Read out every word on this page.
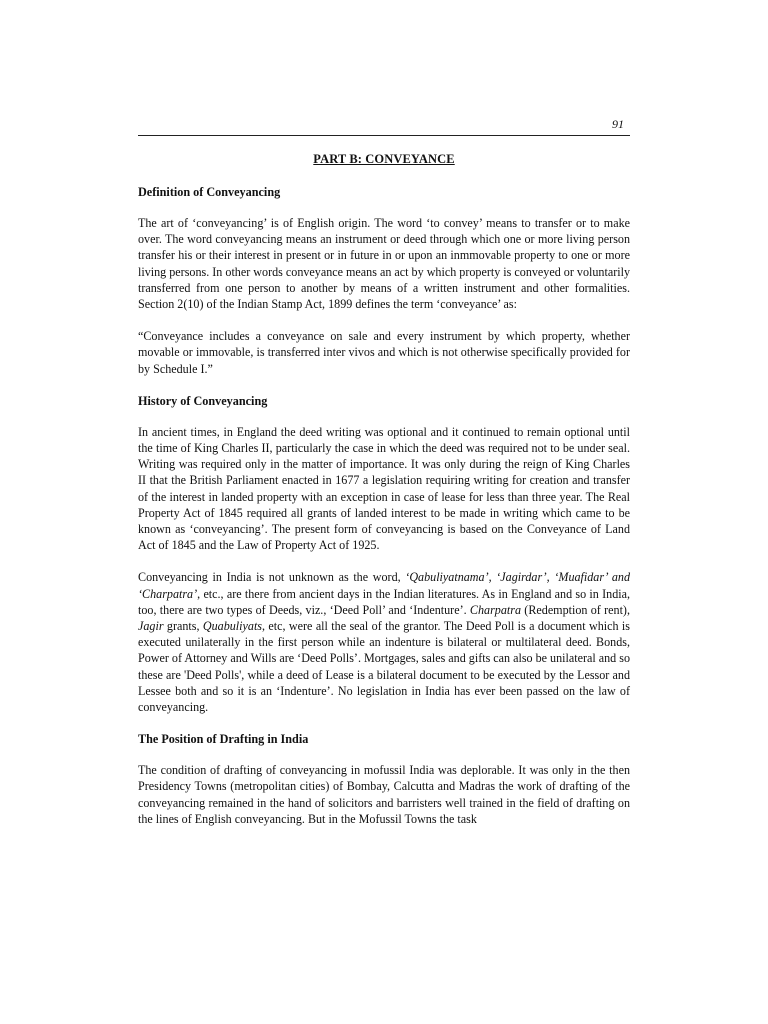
91
PART B: CONVEYANCE
Definition of Conveyancing

The art of ‘conveyancing’ is of English origin. The word ‘to convey’ means to transfer or to make over. The word conveyancing means an instrument or deed through which one or more living person transfer his or their interest in present or in future in or upon an inmmovable property to one or more living persons. In other words conveyance means an act by which property is conveyed or voluntarily transferred from one person to another by means of a written instrument and other formalities. Section 2(10) of the Indian Stamp Act, 1899 defines the term ‘conveyance’ as:

“Conveyance includes a conveyance on sale and every instrument by which property, whether movable or immovable, is transferred inter vivos and which is not otherwise specifically provided for by Schedule I.”

History of Conveyancing

In ancient times, in England the deed writing was optional and it continued to remain optional until the time of King Charles II, particularly the case in which the deed was required not to be under seal. Writing was required only in the matter of importance. It was only during the reign of King Charles II that the British Parliament enacted in 1677 a legislation requiring writing for creation and transfer of the interest in landed property with an exception in case of lease for less than three year. The Real Property Act of 1845 required all grants of landed interest to be made in writing which came to be known as ‘conveyancing’. The present form of conveyancing is based on the Conveyance of Land Act of 1845 and the Law of Property Act of 1925.

Conveyancing in India is not unknown as the word, ‘Qabuliyatnama’, ‘Jagirdar’, ‘Muafidar’ and ‘Charpatra’, etc., are there from ancient days in the Indian literatures. As in England and so in India, too, there are two types of Deeds, viz., ‘Deed Poll’ and ‘Indenture’. Charpatra (Redemption of rent), Jagir grants, Quabuliyats, etc, were all the seal of the grantor. The Deed Poll is a document which is executed unilaterally in the first person while an indenture is bilateral or multilateral deed. Bonds, Power of Attorney and Wills are ‘Deed Polls’. Mortgages, sales and gifts can also be unilateral and so these are 'Deed Polls', while a deed of Lease is a bilateral document to be executed by the Lessor and Lessee both and so it is an ‘Indenture’. No legislation in India has ever been passed on the law of conveyancing.

The Position of Drafting in India

The condition of drafting of conveyancing in mofussil India was deplorable. It was only in the then Presidency Towns (metropolitan cities) of Bombay, Calcutta and Madras the work of drafting of the conveyancing remained in the hand of solicitors and barristers well trained in the field of drafting on the lines of English conveyancing. But in the Mofussil Towns the task
